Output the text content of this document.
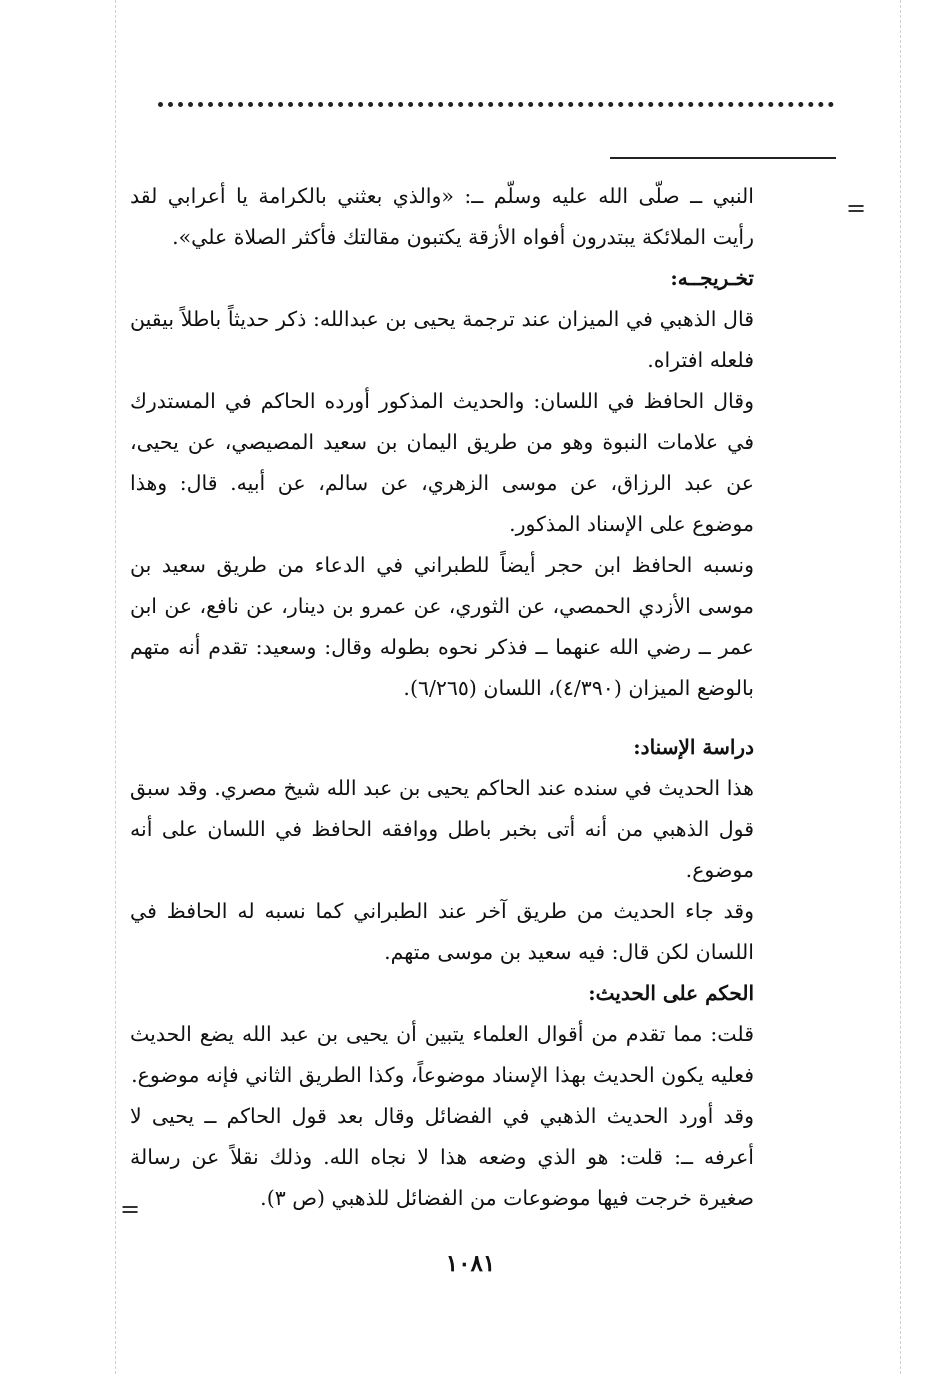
=
=

النبي ــ صلّى الله عليه وسلّم ــ: «والذي بعثني بالكرامة يا أعرابي لقد رأيت الملائكة يبتدرون أفواه الأزقة يكتبون مقالتك فأكثر الصلاة علي».

تخـريجــه:

قال الذهبي في الميزان عند ترجمة يحيى بن عبدالله: ذكر حديثاً باطلاً بيقين فلعله افتراه.

وقال الحافظ في اللسان: والحديث المذكور أورده الحاكم في المستدرك في علامات النبوة وهو من طريق اليمان بن سعيد المصيصي، عن يحيى، عن عبد الرزاق، عن موسى الزهري، عن سالم، عن أبيه. قال: وهذا موضوع على الإسناد المذكور.

ونسبه الحافظ ابن حجر أيضاً للطبراني في الدعاء من طريق سعيد بن موسى الأزدي الحمصي، عن الثوري، عن عمرو بن دينار، عن نافع، عن ابن عمر ــ رضي الله عنهما ــ فذكر نحوه بطوله وقال: وسعيد: تقدم أنه متهم بالوضع الميزان (٤/٣٩٠)، اللسان (٦/٢٦٥).

دراسة الإسناد:

هذا الحديث في سنده عند الحاكم يحيى بن عبد الله شيخ مصري. وقد سبق قول الذهبي من أنه أتى بخبر باطل ووافقه الحافظ في اللسان على أنه موضوع.

وقد جاء الحديث من طريق آخر عند الطبراني كما نسبه له الحافظ في اللسان لكن قال: فيه سعيد بن موسى متهم.

الحكم على الحديث:

قلت: مما تقدم من أقوال العلماء يتبين أن يحيى بن عبد الله يضع الحديث فعليه يكون الحديث بهذا الإسناد موضوعاً، وكذا الطريق الثاني فإنه موضوع.

وقد أورد الحديث الذهبي في الفضائل وقال بعد قول الحاكم ــ يحيى لا أعرفه ــ: قلت: هو الذي وضعه هذا لا نجاه الله. وذلك نقلاً عن رسالة صغيرة خرجت فيها موضوعات من الفضائل للذهبي (ص ٣).

١٠٨١
